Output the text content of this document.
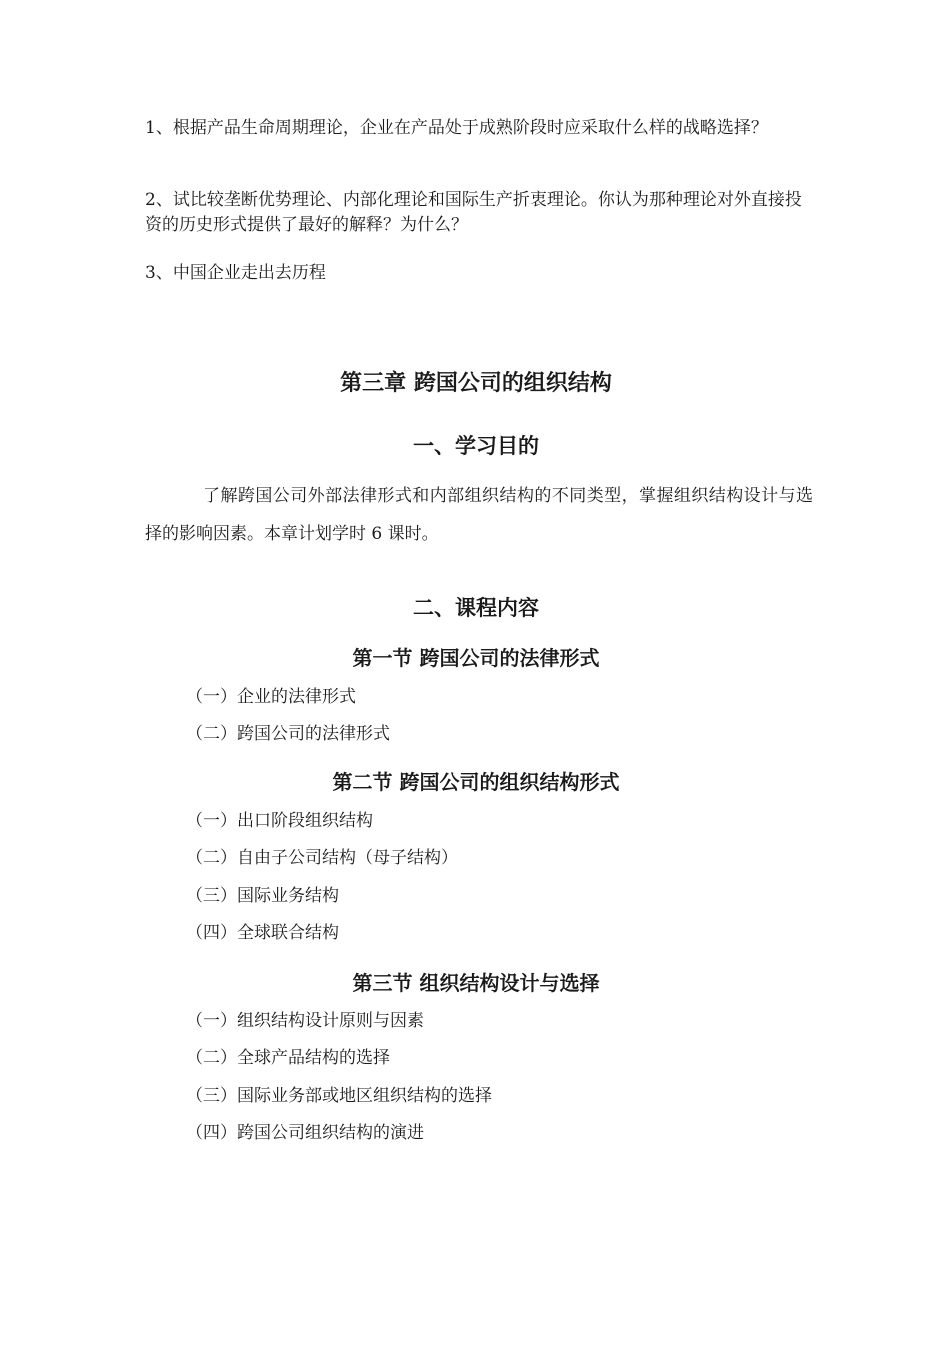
1、根据产品生命周期理论，企业在产品处于成熟阶段时应采取什么样的战略选择？

2、试比较垄断优势理论、内部化理论和国际生产折衷理论。你认为那种理论对外直接投资的历史形式提供了最好的解释？为什么？

3、中国企业走出去历程

第三章 跨国公司的组织结构
一、学习目的

了解跨国公司外部法律形式和内部组织结构的不同类型，掌握组织结构设计与选择的影响因素。本章计划学时 6 课时。

二、课程内容
第一节 跨国公司的法律形式

（一）企业的法律形式

（二）跨国公司的法律形式

第二节 跨国公司的组织结构形式

（一）出口阶段组织结构

（二）自由子公司结构（母子结构）

（三）国际业务结构

（四）全球联合结构

第三节 组织结构设计与选择

（一）组织结构设计原则与因素

（二）全球产品结构的选择

（三）国际业务部或地区组织结构的选择

（四）跨国公司组织结构的演进
